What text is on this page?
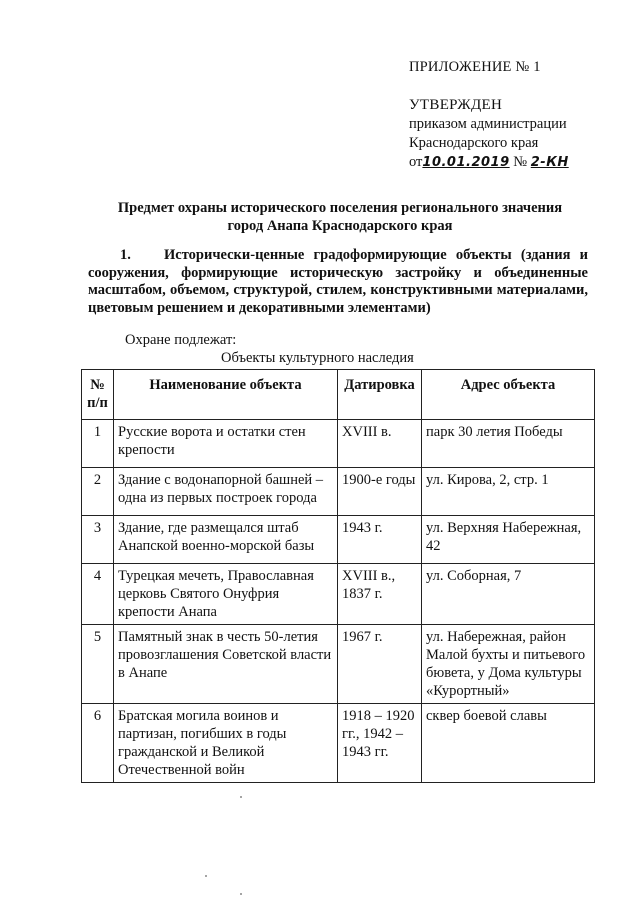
ПРИЛОЖЕНИЕ № 1
УТВЕРЖДЕН
приказом администрации
Краснодарского края
от10.01.2019 № 2-КН
Предмет охраны исторического поселения регионального значения
город Анапа Краснодарского края
1. Исторически-ценные градоформирующие объекты (здания и сооружения, формирующие историческую застройку и объединенные масштабом, объемом, структурой, стилем, конструктивными материалами, цветовым решением и декоративными элементами)
Охране подлежат:
Объекты культурного наследия
№ п/п	Наименование объекта	Датировка	Адрес объекта
1	Русские ворота и остатки стен крепости	XVIII в.	парк 30 летия Победы
2	Здание с водонапорной башней – одна из первых построек города	1900-е годы	ул. Кирова, 2, стр. 1
3	Здание, где размещался штаб Анапской военно-морской базы	1943 г.	ул. Верхняя Набережная, 42
4	Турецкая мечеть, Православная церковь Святого Онуфрия крепости Анапа	XVIII в., 1837 г.	ул. Соборная, 7
5	Памятный знак в честь 50-летия провозглашения Советской власти в Анапе	1967 г.	ул. Набережная, район Малой бухты и питьевого бювета, у Дома культуры «Курортный»
6	Братская могила воинов и партизан, погибших в годы гражданской и Великой Отечественной войн	1918 – 1920 гг., 1942 – 1943 гг.	сквер боевой славы
